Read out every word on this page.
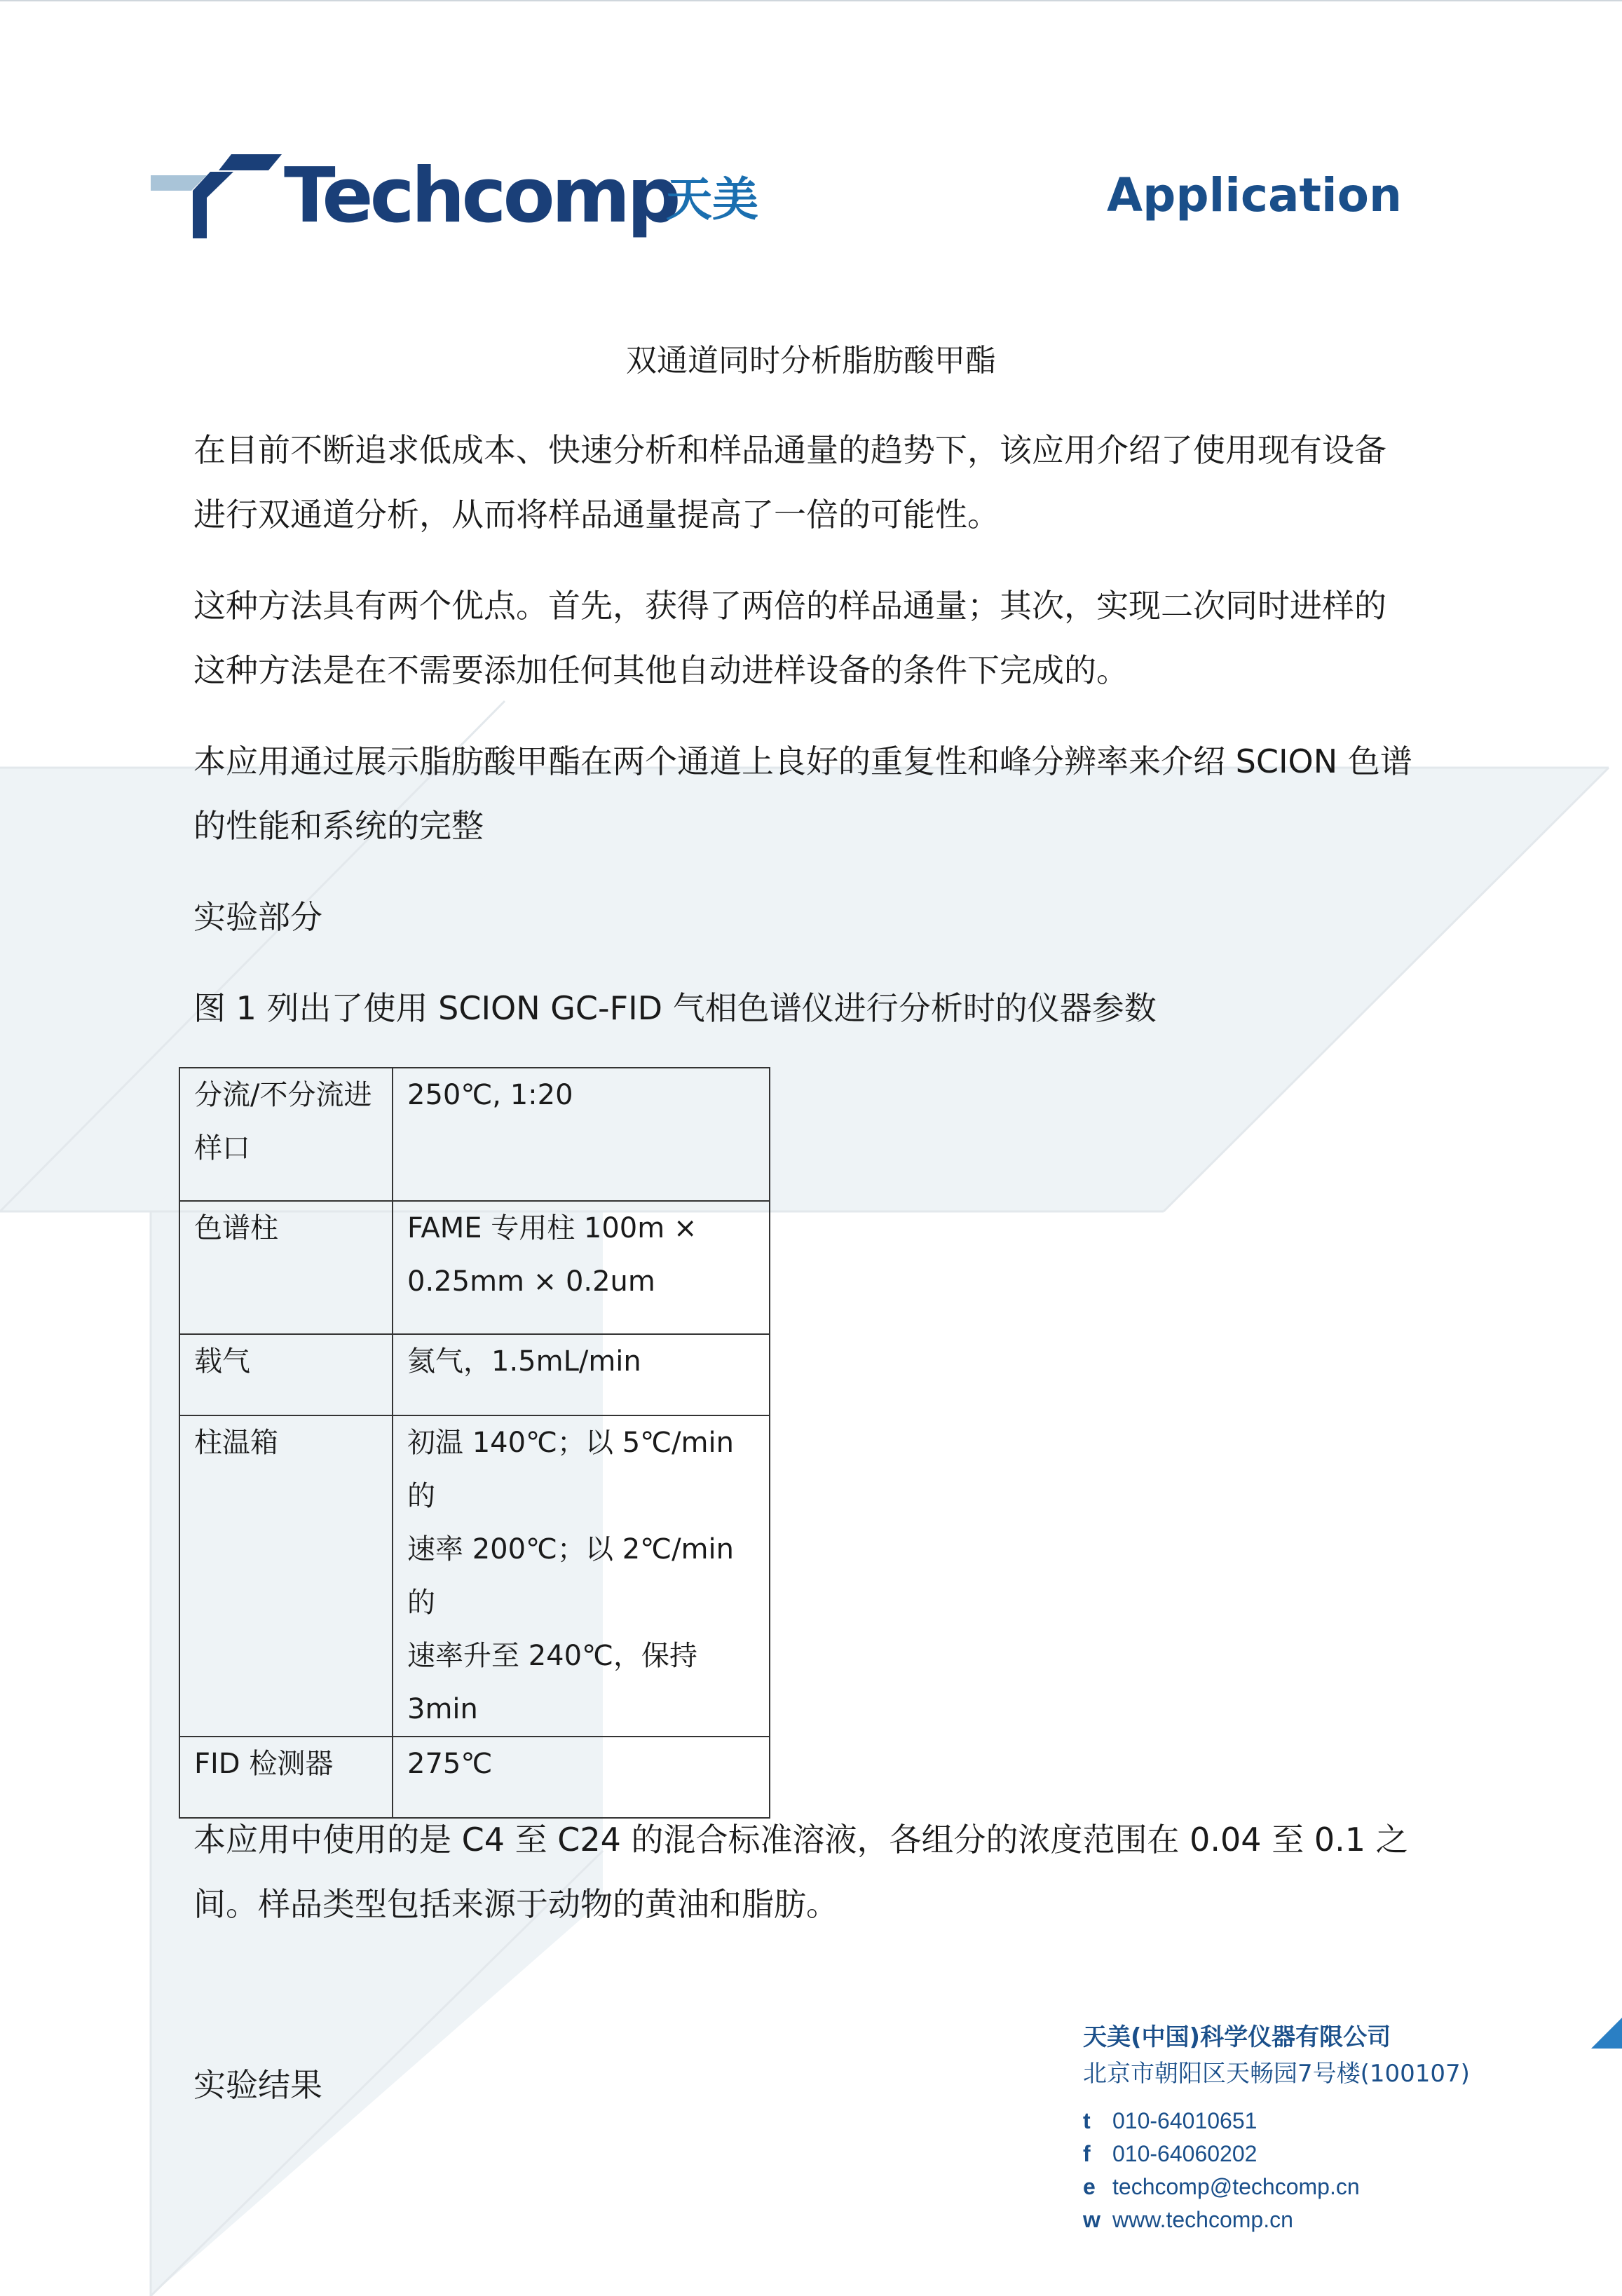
Techcomp
天美	Application
双通道同时分析脂肪酸甲酯
在目前不断追求低成本、快速分析和样品通量的趋势下，该应用介绍了使用现有设备
进行双通道分析，从而将样品通量提高了一倍的可能性。
这种方法具有两个优点。首先，获得了两倍的样品通量；其次，实现二次同时进样的
这种方法是在不需要添加任何其他自动进样设备的条件下完成的。
本应用通过展示脂肪酸甲酯在两个通道上良好的重复性和峰分辨率来介绍 SCION 色谱
的性能和系统的完整
实验部分
图 1 列出了使用 SCION GC-FID 气相色谱仪进行分析时的仪器参数
分流/不分流进
样口	250℃, 1:20

色谱柱	FAME 专用柱 100m ×
0.25mm × 0.2um

载气	氦气，1.5mL/min

柱温箱	初温 140℃；以 5℃/min 的
速率 200℃；以 2℃/min 的
速率升至 240℃，保持
3min

FID 检测器	275℃
本应用中使用的是 C4 至 C24 的混合标准溶液，各组分的浓度范围在 0.04 至 0.1 之
间。样品类型包括来源于动物的黄油和脂肪。
实验结果
天美(中国)科学仪器有限公司
北京市朝阳区天畅园7号楼(100107)
t 010-64010651
f 010-64060202
e techcomp@techcomp.cn
w www.techcomp.cn
